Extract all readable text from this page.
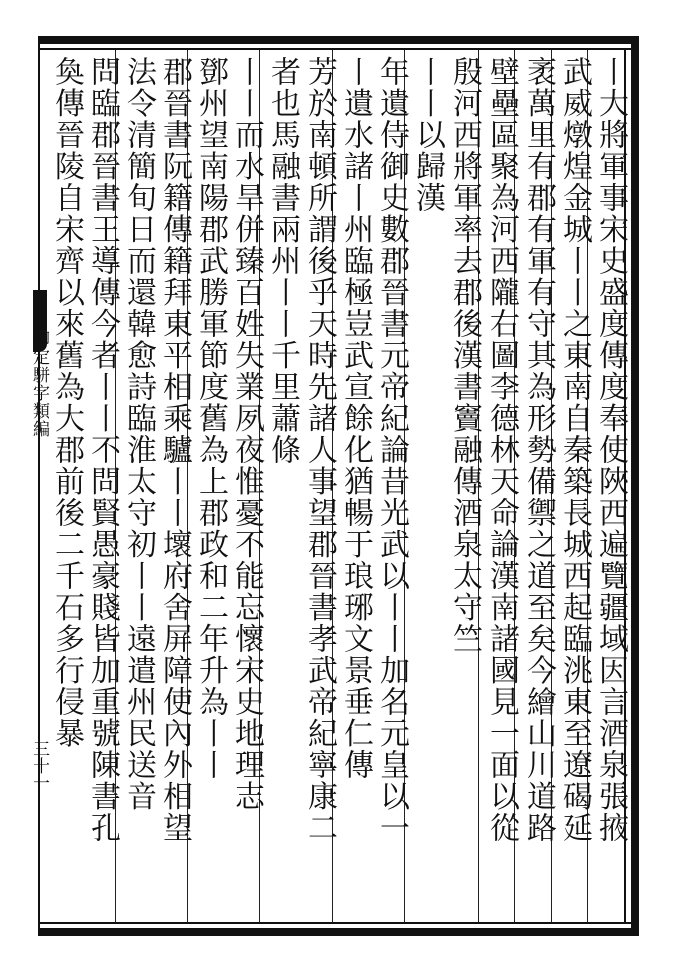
御定駢字類編
三十一	丨大將軍事宋史盛度傳度奉使陜西遍覽疆域因言酒泉張掖
武威燉煌金城丨丨之東南自秦築長城西起臨洮東至遼碣延
袤萬里有郡有軍有守其為形勢備禦之道至矣今繪山川道路
壁壘區聚為河西隴右圖李德林天命論漢南諸國見一面以從
殷河西將軍率去郡後漢書竇融傳酒泉太守竺
丨丨以歸漢
年遺侍御史數郡晉書元帝紀論昔光武以丨丨加名元皇以一
丨遺水諸丨州臨極豈武宣餘化猶暢于琅琊文景垂仁傳
芳於南頓所謂後乎天時先諸人事望郡晉書孝武帝紀寧康二
者也馬融書兩州丨丨千里蕭條
丨丨而水旱併臻百姓失業夙夜惟憂不能忘懷宋史地理志
鄧州望南陽郡武勝軍節度舊為上郡政和二年升為丨丨
郡晉書阮籍傳籍拜東平相乘驢丨丨壞府舍屏障使內外相望
法令清簡旬日而還韓愈詩臨淮太守初丨丨遠遣州民送音
問臨郡晉書王導傳今者丨丨不問賢愚豪賤皆加重號陳書孔
奐傳晉陵自宋齊以來舊為大郡前後二千石多行侵暴
